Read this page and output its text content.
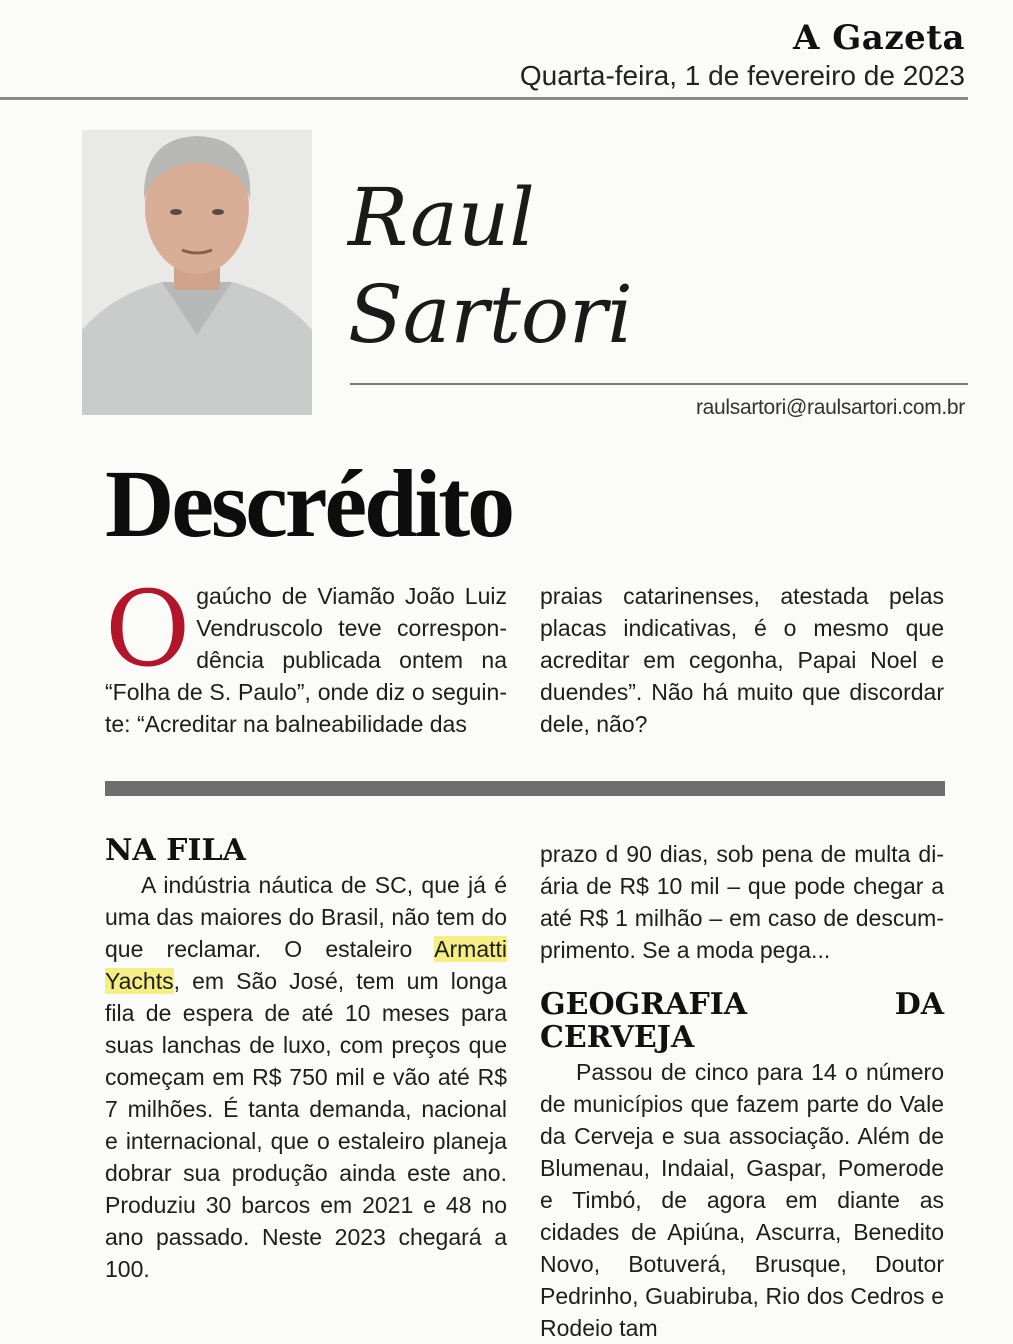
A Gazeta
Quarta-feira, 1 de fevereiro de 2023
Raul
Sartori
raulsartori@raulsartori.com.br
Descrédito
O gaúcho de Viamão João Luiz Vendruscolo teve correspondência publicada ontem na “Folha de S. Paulo”, onde diz o seguinte: “Acreditar na balneabilidade das
praias catarinenses, atestada pelas placas indicativas, é o mesmo que acreditar em cegonha, Papai Noel e duendes”. Não há muito que discordar dele, não?
NA FILA

A indústria náutica de SC, que já é uma das maiores do Brasil, não tem do que reclamar. O estaleiro Armatti Yachts, em São José, tem um longa fila de espera de até 10 meses para suas lanchas de luxo, com preços que começam em R$ 750 mil e vão até R$ 7 milhões. É tanta demanda, nacional e internacional, que o estaleiro planeja dobrar sua produção ainda este ano. Produziu 30 barcos em 2021 e 48 no ano passado. Neste 2023 chegará a 100.

prazo d 90 dias, sob pena de multa diária de R$ 10 mil – que pode chegar a até R$ 1 milhão – em caso de descumprimento. Se a moda pega...

GEOGRAFIA DA CERVEJA

Passou de cinco para 14 o número de municípios que fazem parte do Vale da Cerveja e sua associação. Além de Blumenau, Indaial, Gaspar, Pomerode e Timbó, de agora em diante as cidades de Apiúna, Ascurra, Benedito Novo, Botuverá, Brusque, Doutor Pedrinho, Guabiruba, Rio dos Cedros e Rodeio tam
